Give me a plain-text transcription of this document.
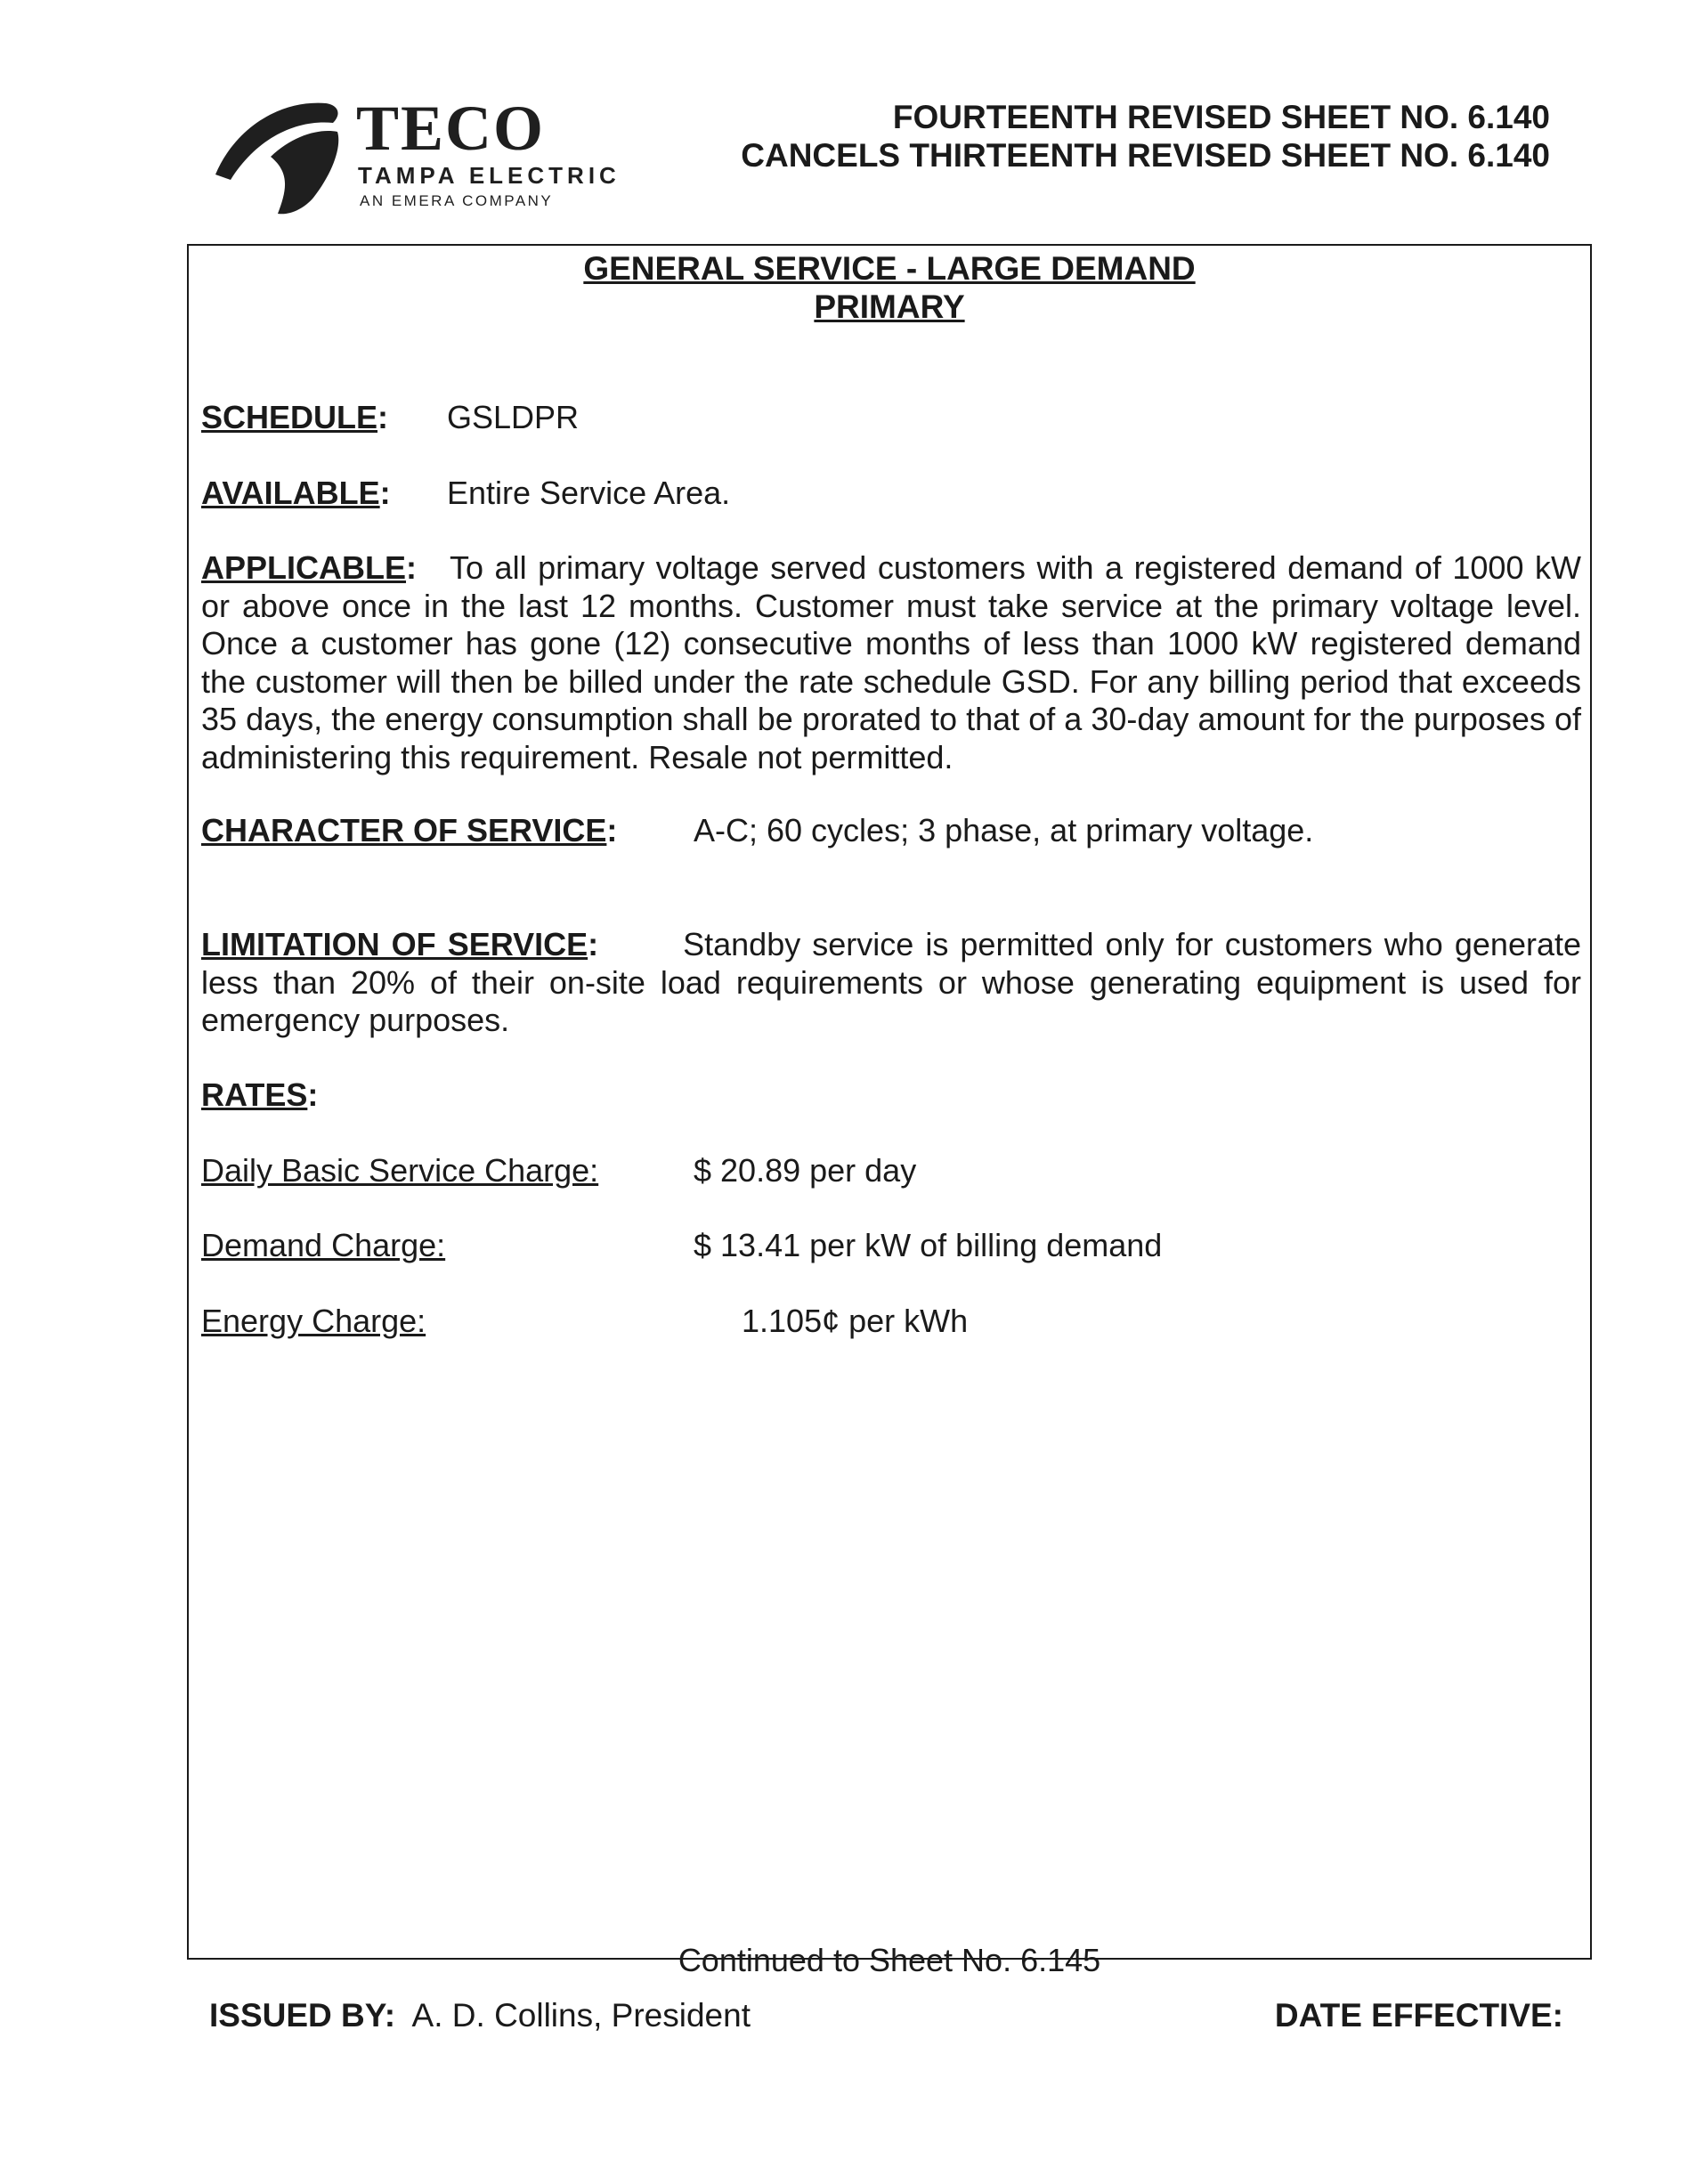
TECO
TAMPA ELECTRIC
AN EMERA COMPANY
FOURTEENTH REVISED SHEET NO. 6.140
CANCELS THIRTEENTH REVISED SHEET NO. 6.140
GENERAL SERVICE - LARGE DEMAND
PRIMARY
SCHEDULE: GSLDPR
AVAILABLE: Entire Service Area.
APPLICABLE: To all primary voltage served customers with a registered demand of 1000 kW or above once in the last 12 months. Customer must take service at the primary voltage level. Once a customer has gone (12) consecutive months of less than 1000 kW registered demand the customer will then be billed under the rate schedule GSD. For any billing period that exceeds 35 days, the energy consumption shall be prorated to that of a 30-day amount for the purposes of administering this requirement. Resale not permitted.
CHARACTER OF SERVICE: A-C; 60 cycles; 3 phase, at primary voltage.
LIMITATION OF SERVICE:	Standby service is permitted only for customers who generate less than 20% of their on-site load requirements or whose generating equipment is used for emergency purposes.
RATES:
Daily Basic Service Charge:	$ 20.89 per day
Demand Charge:	$ 13.41 per kW of billing demand
Energy Charge:	1.105¢ per kWh
Continued to Sheet No. 6.145
ISSUED BY: A. D. Collins, President	DATE EFFECTIVE:
